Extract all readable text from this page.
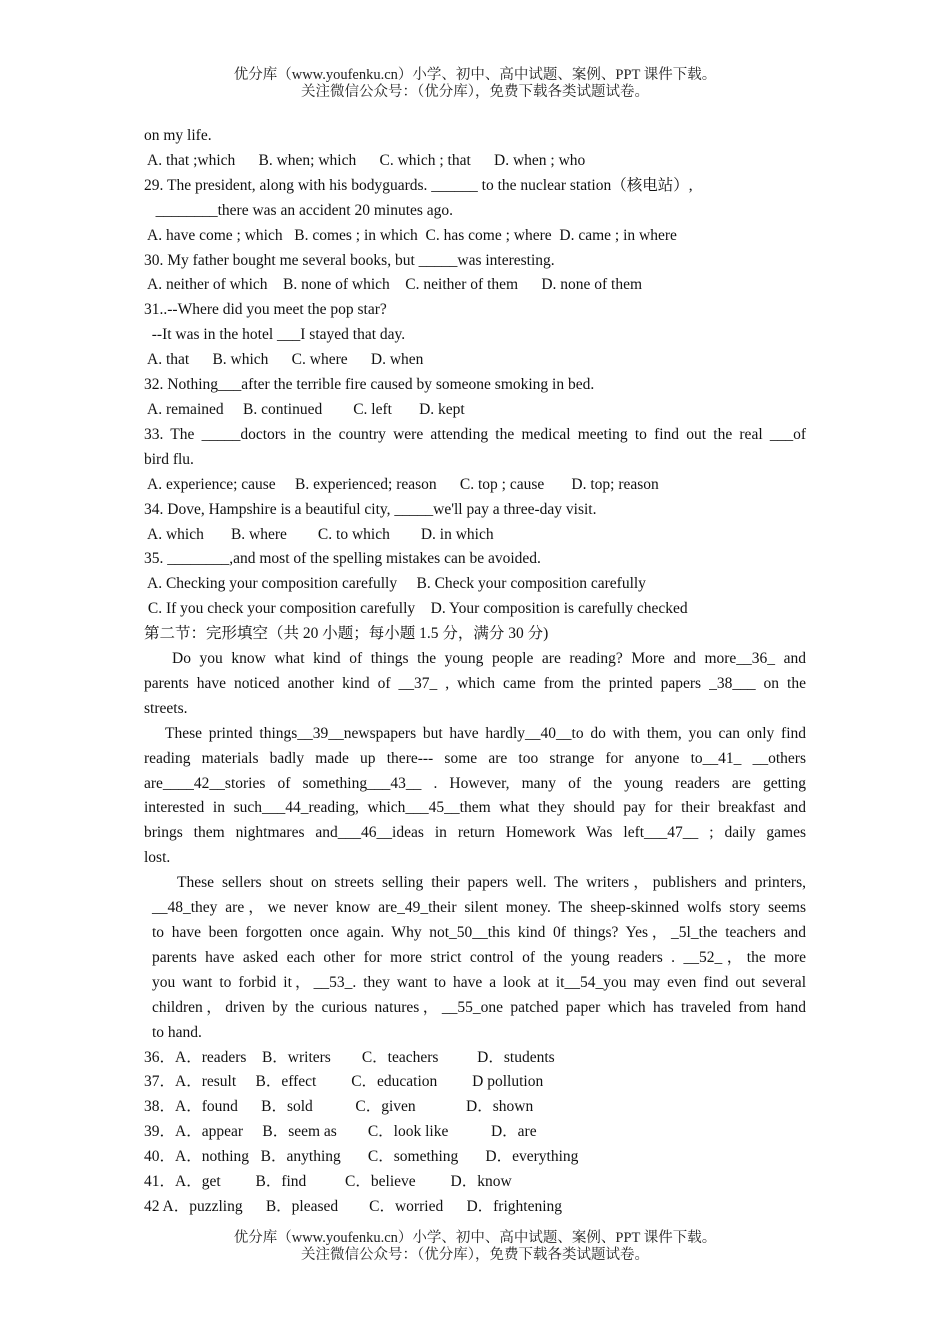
优分库（www.youfenku.cn）小学、初中、高中试题、案例、PPT 课件下载。
关注微信公众号：（优分库），免费下载各类试题试卷。
on my life.
A. that ;which      B. when; which      C. which ; that      D. when ; who
29. The president, along with his bodyguards. ______ to the nuclear station（核电站）,
________there was an accident 20 minutes ago.
A. have come ; which   B. comes ; in which  C. has come ; where  D. came ; in where
30. My father bought me several books, but _____was interesting.
A. neither of which    B. none of which    C. neither of them      D. none of them
31..--Where did you meet the pop star?
--It was in the hotel ___I stayed that day.
A. that      B. which      C. where      D. when
32. Nothing___after the terrible fire caused by someone smoking in bed.
A. remained     B. continued        C. left       D. kept
33. The _____doctors in the country were attending the medical meeting to find out the real ___of
bird flu.
A. experience; cause     B. experienced; reason      C. top ; cause       D. top; reason
34. Dove, Hampshire is a beautiful city, _____we'll pay a three-day visit.
A. which       B. where        C. to which        D. in which
35. ________,and most of the spelling mistakes can be avoided.
A. Checking your composition carefully     B. Check your composition carefully
C. If you check your composition carefully    D. Your composition is carefully checked
第二节：完形填空（共 20 小题；每小题 1.5 分，满分 30 分)
Do you know what kind of things the young people are reading? More and more__36_ and
parents have noticed another kind of __37_ , which came from the printed papers _38___ on the
streets.
These printed things__39__newspapers but have hardly__40__to do with them, you can only find
reading materials badly made up there--- some are too strange for anyone to__41_ __others
are____42__stories of something___43__ . However, many of the young readers are getting
interested in such___44_reading, which___45__them what they should pay for their breakfast and
brings them nightmares and___46__ideas in return Homework Was left___47__ ; daily games
lost.
These sellers shout on streets selling their papers well. The writers，publishers and printers,
__48_they are，we never know are_49_their silent money. The sheep-skinned wolfs story seems
to have been forgotten once again. Why not_50__this kind 0f things? Yes，_5l_the teachers and
parents have asked each other for more strict control of the young readers . __52_，the more
you want to forbid it，__53_. they want to have a look at it__54_you may even find out several
children，driven by the curious natures，__55_one patched paper which has traveled from hand
to hand.
36．A．readers    B．writers        C．teachers          D．students
37．A．result     B．effect         C．education         D pollution
38．A．found      B．sold           C．given             D．shown
39．A．appear     B．seem as        C．look like           D．are
40．A．nothing   B．anything       C．something       D．everything
41．A．get         B．find          C．believe         D．know
42 A．puzzling      B．pleased        C．worried      D．frightening
优分库（www.youfenku.cn）小学、初中、高中试题、案例、PPT 课件下载。
关注微信公众号：（优分库），免费下载各类试题试卷。
